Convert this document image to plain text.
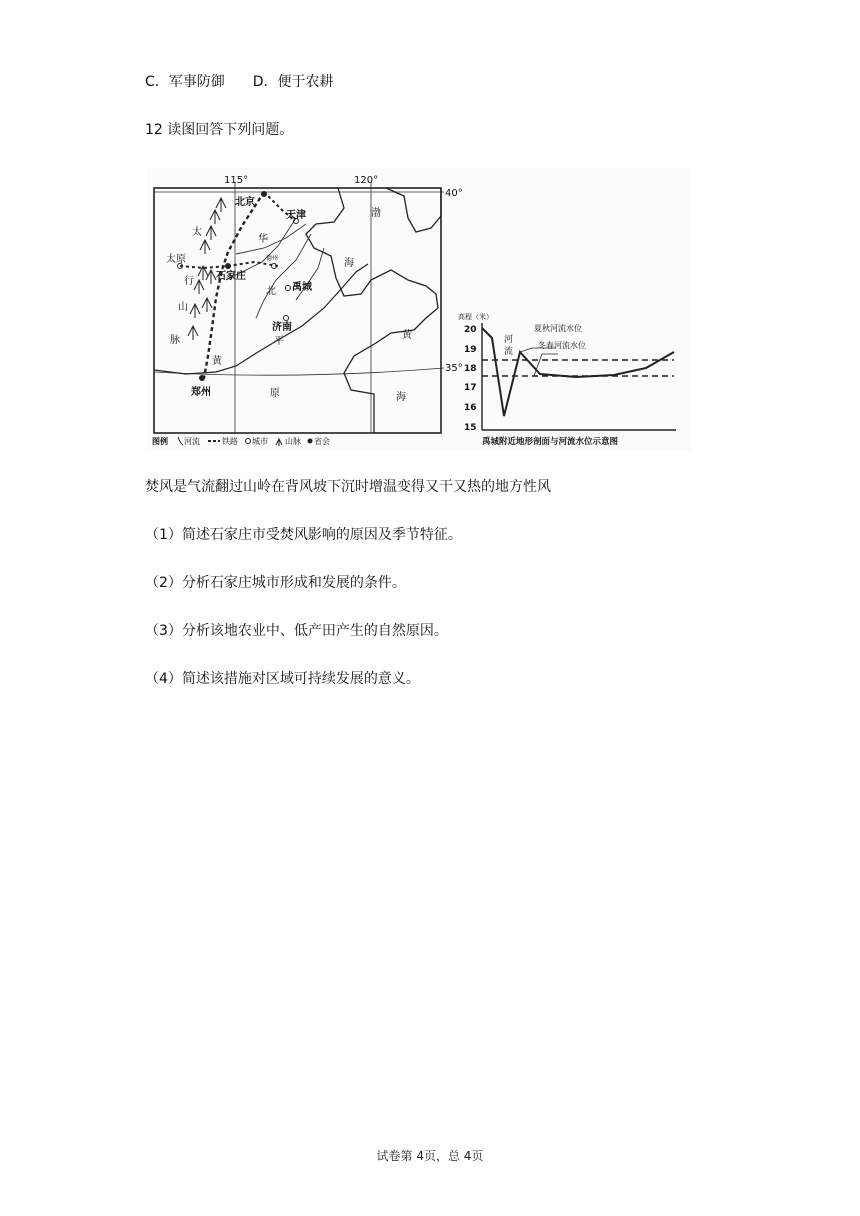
C．军事防御 D．便于农耕
12 读图回答下列问题。
115°	120°
40°
35°
北京
天津
太原
石家庄
德州
禹城
济南
郑州
太
行
山
脉
华
北
平
原
渤
海
黄
海
黄
图例 河流	铁路 城市 山脉 省会
高程（米）
20
19
18
17
16
15
河
流
夏秋河流水位
冬春河流水位
禹城附近地形剖面与河流水位示意图
焚风是气流翻过山岭在背风坡下沉时增温变得又干又热的地方性风
（1）简述石家庄市受焚风影响的原因及季节特征。
（2）分析石家庄城市形成和发展的条件。
（3）分析该地农业中、低产田产生的自然原因。
（4）简述该措施对区域可持续发展的意义。
试卷第 4页，总 4页
